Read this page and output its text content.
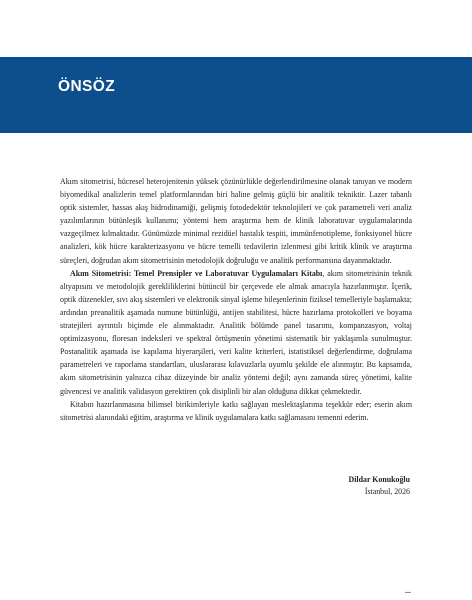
ÖNSÖZ

Akım sitometrisi, hücresel heterojenitenin yüksek çözünürlükle değerlendirilmesine olanak tanıyan ve modern biyomedikal analizlerin temel platformlarından biri haline gelmiş güçlü bir analitik tekniktir. Lazer tabanlı optik sistemler, hassas akış hidrodinamiği, gelişmiş fotodedektör teknolojileri ve çok parametreli veri analiz yazılımlarının bütünleşik kullanımı; yöntemi hem araştırma hem de klinik laboratuvar uygulamalarında vazgeçilmez kılmaktadır. Günümüzde minimal rezidüel hastalık tespiti, immünfenotipleme, fonksiyonel hücre analizleri, kök hücre karakterizasyonu ve hücre temelli tedavilerin izlenmesi gibi kritik klinik ve araştırma süreçleri, doğrudan akım sitometrisinin metodolojik doğruluğu ve analitik performansına dayanmaktadır.

Akım Sitometrisi: Temel Prensipler ve Laboratuvar Uygulamaları Kitabı, akım sitometrisinin teknik altyapısını ve metodolojik gerekliliklerini bütüncül bir çerçevede ele almak amacıyla hazırlanmıştır. İçerik, optik düzenekler, sıvı akış sistemleri ve elektronik sinyal işleme bileşenlerinin fiziksel temelleriyle başlamakta; ardından preanalitik aşamada numune bütünlüğü, antijen stabilitesi, hücre hazırlama protokolleri ve boyama stratejileri ayrıntılı biçimde ele alınmaktadır. Analitik bölümde panel tasarımı, kompanzasyon, voltaj optimizasyonu, floresan indeksleri ve spektral örtüşmenin yönetimi sistematik bir yaklaşımla sunulmuştur. Postanalitik aşamada ise kapılama hiyerarşileri, veri kalite kriterleri, istatistiksel değerlendirme, doğrulama parametreleri ve raporlama standartları, uluslararası kılavuzlarla uyumlu şekilde ele alınmıştır. Bu kapsamda, akım sitometrisinin yalnızca cihaz düzeyinde bir analiz yöntemi değil; aynı zamanda süreç yönetimi, kalite güvencesi ve analitik validasyon gerektiren çok disiplinli bir alan olduğuna dikkat çekmektedir.

Kitabın hazırlanmasına bilimsel birikimleriyle katkı sağlayan meslektaşlarıma teşekkür eder; eserin akım sitometrisi alanındaki eğitim, araştırma ve klinik uygulamalara katkı sağlamasını temenni ederim.

Dildar Konukoğlu
İstanbul, 2026
...
